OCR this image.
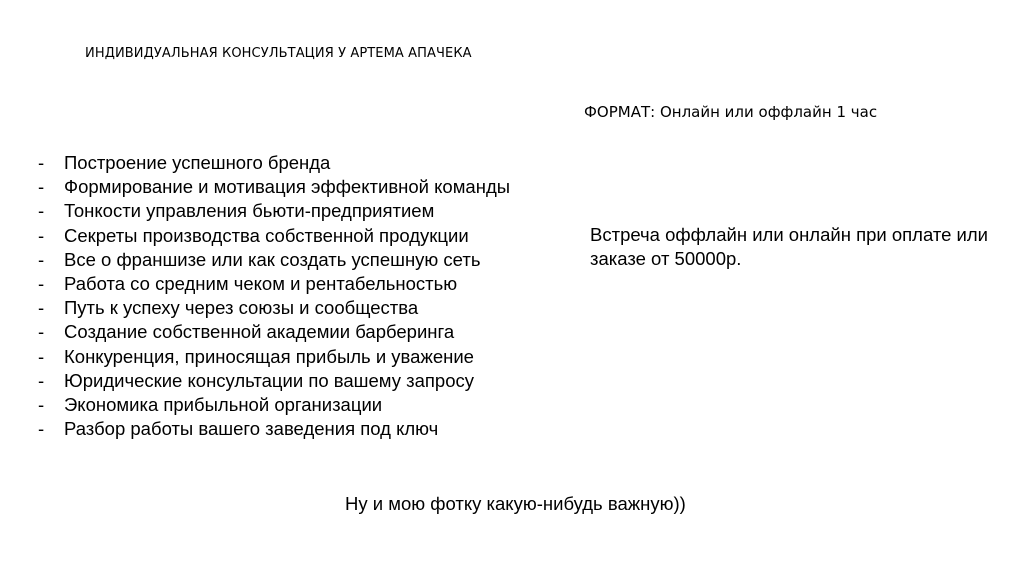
ИНДИВИДУАЛЬНАЯ КОНСУЛЬТАЦИЯ У АРТЕМА АПАЧЕКА
ФОРМАТ: Онлайн или оффлайн 1 час
-	Построение успешного бренда
-	Формирование и мотивация эффективной команды
-	Тонкости управления бьюти-предприятием
-	Секреты производства собственной продукции
-	Все о франшизе или как создать успешную сеть
-	Работа со средним чеком и рентабельностью
-	Путь к успеху через союзы и сообщества
-	Создание собственной академии барберинга
-	Конкуренция, приносящая прибыль и уважение
-	Юридические консультации по вашему запросу
-	Экономика прибыльной организации
-	Разбор работы вашего заведения под ключ
Встреча оффлайн или онлайн при оплате или заказе от 50000р.
Ну и мою фотку какую-нибудь важную))
